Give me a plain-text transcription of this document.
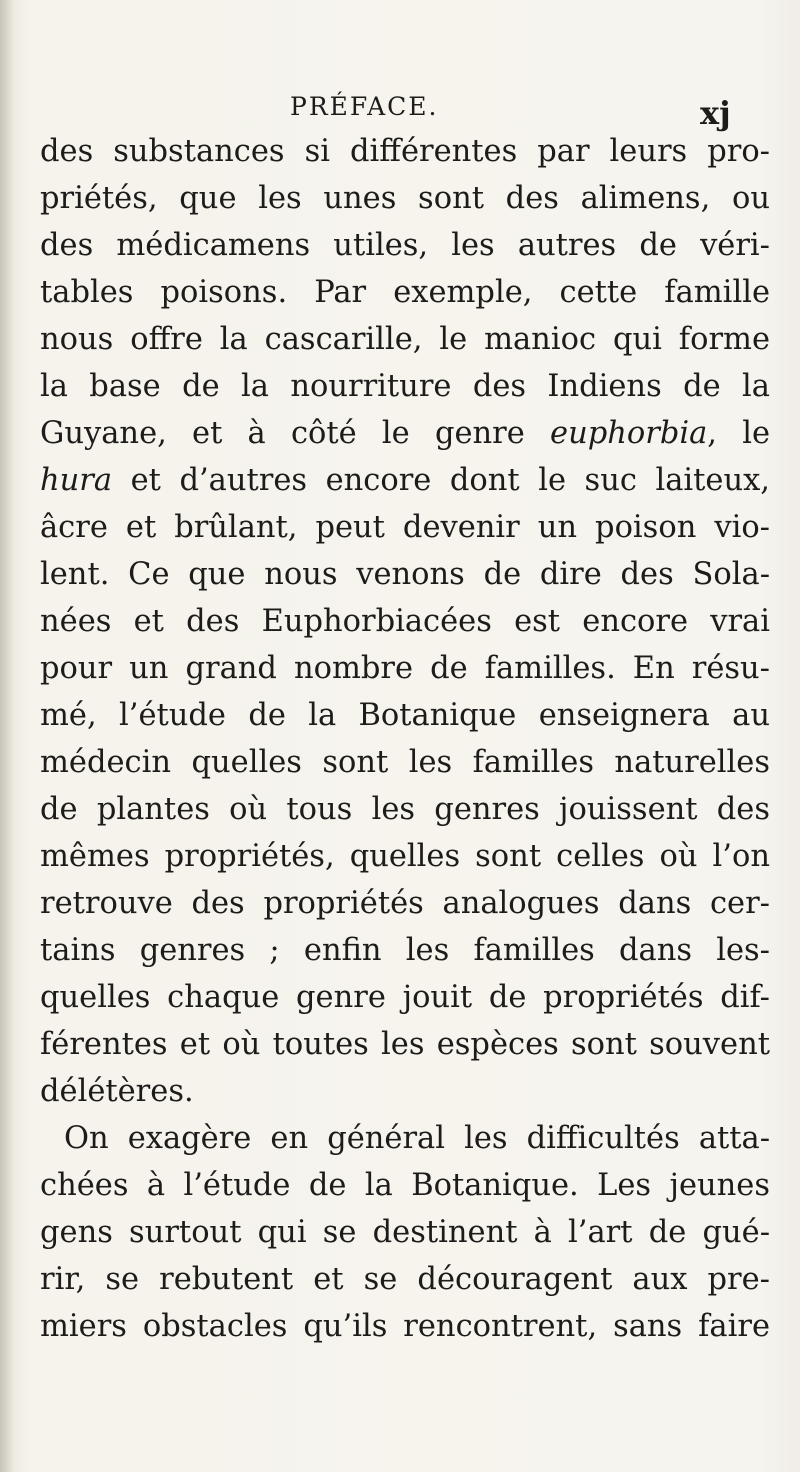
PRÉFACE.	xj
des substances si différentes par leurs pro-
priétés, que les unes sont des alimens, ou
des médicamens utiles, les autres de véri-
tables poisons. Par exemple, cette famille
nous offre la cascarille, le manioc qui forme
la base de la nourriture des Indiens de la
Guyane, et à côté le genre euphorbia, le
hura et d’autres encore dont le suc laiteux,
âcre et brûlant, peut devenir un poison vio-
lent. Ce que nous venons de dire des Sola-
nées et des Euphorbiacées est encore vrai
pour un grand nombre de familles. En résu-
mé, l’étude de la Botanique enseignera au
médecin quelles sont les familles naturelles
de plantes où tous les genres jouissent des
mêmes propriétés, quelles sont celles où l’on
retrouve des propriétés analogues dans cer-
tains genres ; enfin les familles dans les-
quelles chaque genre jouit de propriétés dif-
férentes et où toutes les espèces sont souvent
délétères.
On exagère en général les difficultés atta-
chées à l’étude de la Botanique. Les jeunes
gens surtout qui se destinent à l’art de gué-
rir, se rebutent et se découragent aux pre-
miers obstacles qu’ils rencontrent, sans faire
